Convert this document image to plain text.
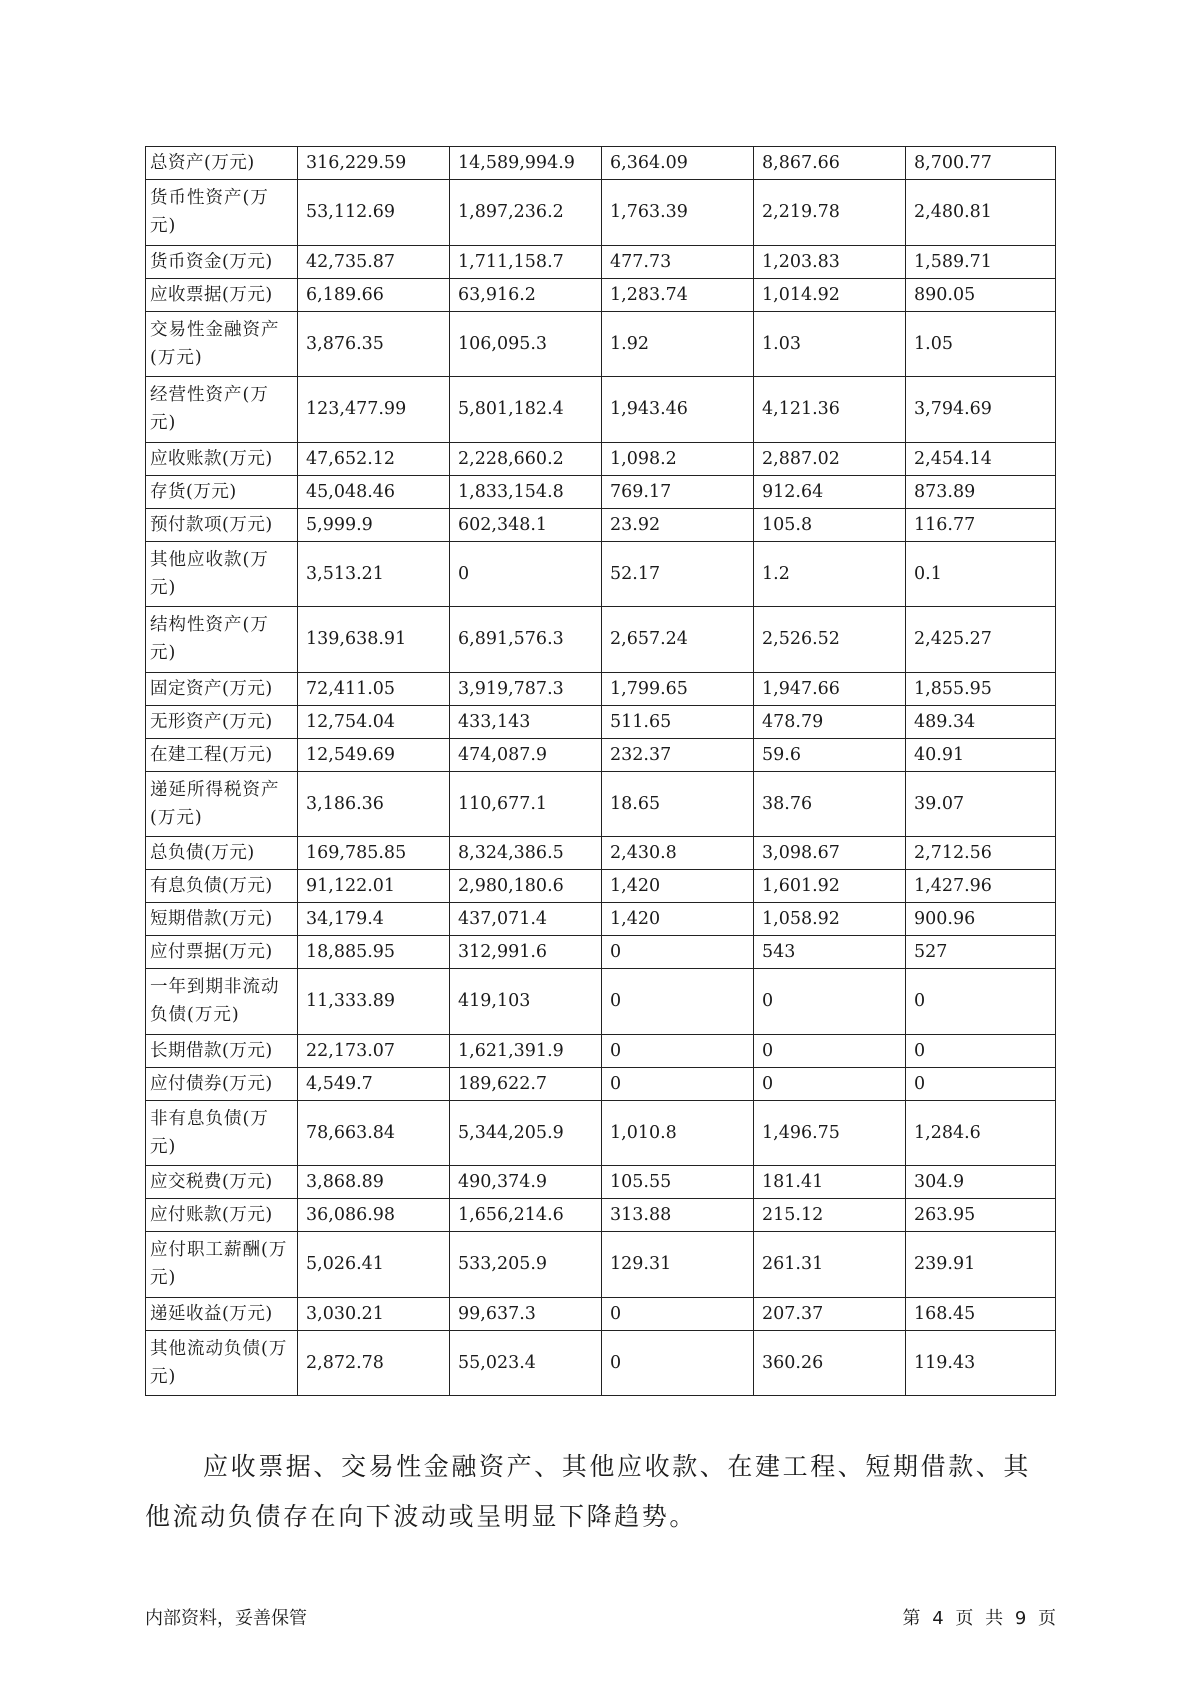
总资产(万元)	316,229.59	14,589,994.9	6,364.09	8,867.66	8,700.77
货币性资产(万元)	53,112.69	1,897,236.2	1,763.39	2,219.78	2,480.81
货币资金(万元)	42,735.87	1,711,158.7	477.73	1,203.83	1,589.71
应收票据(万元)	6,189.66	63,916.2	1,283.74	1,014.92	890.05
交易性金融资产(万元)	3,876.35	106,095.3	1.92	1.03	1.05
经营性资产(万元)	123,477.99	5,801,182.4	1,943.46	4,121.36	3,794.69
应收账款(万元)	47,652.12	2,228,660.2	1,098.2	2,887.02	2,454.14
存货(万元)	45,048.46	1,833,154.8	769.17	912.64	873.89
预付款项(万元)	5,999.9	602,348.1	23.92	105.8	116.77
其他应收款(万元)	3,513.21	0	52.17	1.2	0.1
结构性资产(万元)	139,638.91	6,891,576.3	2,657.24	2,526.52	2,425.27
固定资产(万元)	72,411.05	3,919,787.3	1,799.65	1,947.66	1,855.95
无形资产(万元)	12,754.04	433,143	511.65	478.79	489.34
在建工程(万元)	12,549.69	474,087.9	232.37	59.6	40.91
递延所得税资产(万元)	3,186.36	110,677.1	18.65	38.76	39.07
总负债(万元)	169,785.85	8,324,386.5	2,430.8	3,098.67	2,712.56
有息负债(万元)	91,122.01	2,980,180.6	1,420	1,601.92	1,427.96
短期借款(万元)	34,179.4	437,071.4	1,420	1,058.92	900.96
应付票据(万元)	18,885.95	312,991.6	0	543	527
一年到期非流动负债(万元)	11,333.89	419,103	0	0	0
长期借款(万元)	22,173.07	1,621,391.9	0	0	0
应付债券(万元)	4,549.7	189,622.7	0	0	0
非有息负债(万元)	78,663.84	5,344,205.9	1,010.8	1,496.75	1,284.6
应交税费(万元)	3,868.89	490,374.9	105.55	181.41	304.9
应付账款(万元)	36,086.98	1,656,214.6	313.88	215.12	263.95
应付职工薪酬(万元)	5,026.41	533,205.9	129.31	261.31	239.91
递延收益(万元)	3,030.21	99,637.3	0	207.37	168.45
其他流动负债(万元)	2,872.78	55,023.4	0	360.26	119.43

应收票据、交易性金融资产、其他应收款、在建工程、短期借款、其他流动负债存在向下波动或呈明显下降趋势。

内部资料，妥善保管	第 4 页 共 9 页
